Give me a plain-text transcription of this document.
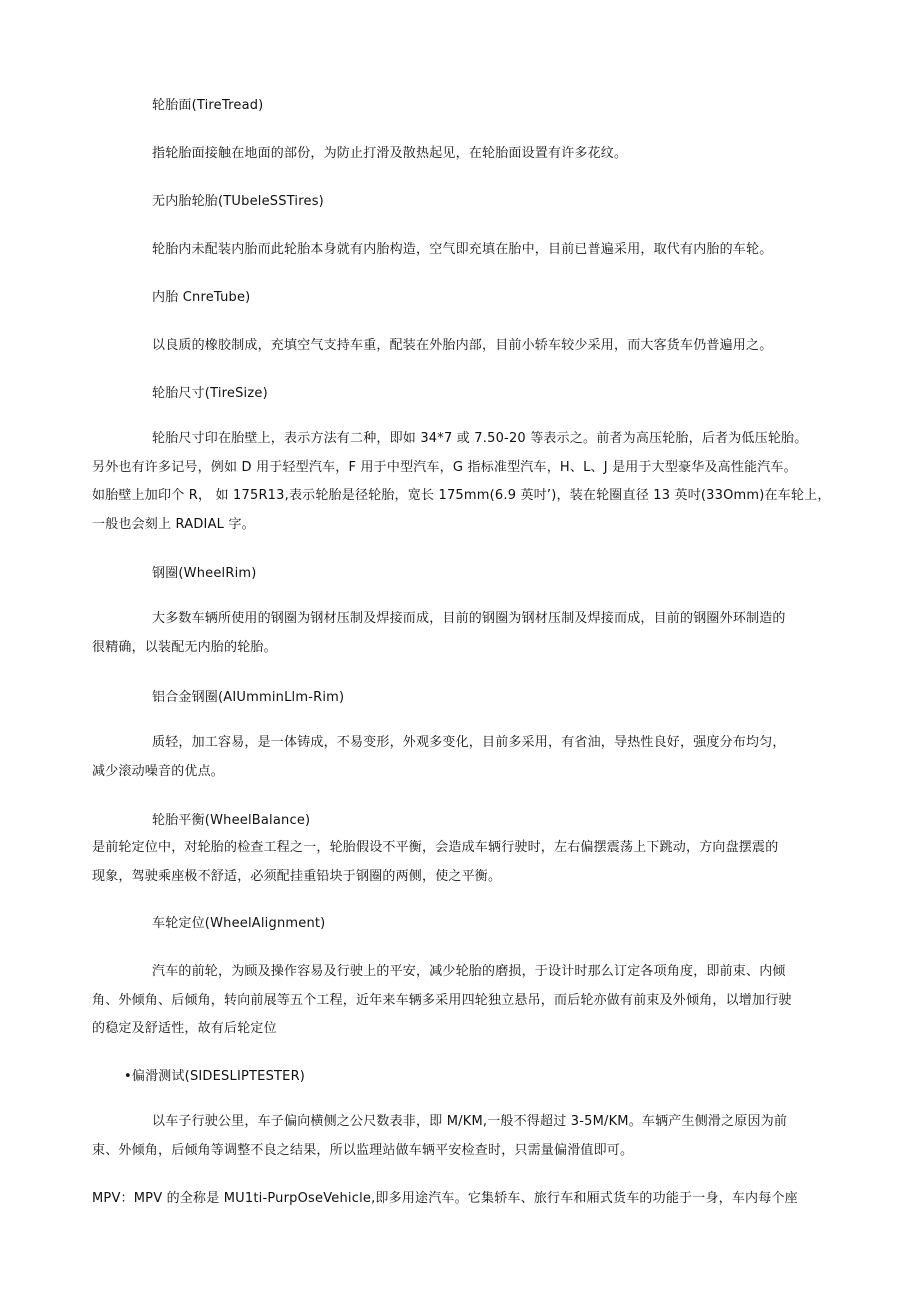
轮胎面(TireTread)

指轮胎面接触在地面的部份，为防止打滑及散热起见，在轮胎面设置有许多花纹。

无内胎轮胎(TUbeleSSTires)

轮胎内未配装内胎而此轮胎本身就有内胎构造，空气即充填在胎中，目前已普遍采用，取代有内胎的车轮。

内胎 CnreTube)

以良质的橡胶制成，充填空气支持车重，配装在外胎内部，目前小轿车较少采用，而大客货车仍普遍用之。

轮胎尺寸(TireSize)

轮胎尺寸印在胎壁上，表示方法有二种，即如 34*7 或 7.50-20 等表示之。前者为高压轮胎，后者为低压轮胎。
另外也有许多记号，例如 D 用于轻型汽车，F 用于中型汽车，G 指标准型汽车，H、L、J 是用于大型豪华及高性能汽车。
如胎壁上加印个 R， 如 175R13,表示轮胎是径轮胎，宽长 175mm(6.9 英吋’)，装在轮圈直径 13 英吋(33Omm)在车轮上，
一般也会刻上 RADIAL 字。

钢圈(WheelRim)

大多数车辆所使用的钢圈为钢材压制及焊接而成，目前的钢圈为钢材压制及焊接而成，目前的钢圈外环制造的
很精确，以装配无内胎的轮胎。

铝合金钢圈(AIUmminLlm-Rim)

质轻，加工容易，是一体铸成，不易变形，外观多变化，目前多采用，有省油，导热性良好，强度分布均匀，
减少滚动噪音的优点。

轮胎平衡(WheelBalance)

是前轮定位中，对轮胎的检查工程之一，轮胎假设不平衡，会造成车辆行驶时，左右偏摆震荡上下跳动，方向盘摆震的
现象，驾驶乘座极不舒适，必须配挂重铅块于钢圈的两侧，使之平衡。

车轮定位(WheelAlignment)

汽车的前轮，为顾及操作容易及行驶上的平安，减少轮胎的磨损，于设计时那么订定各项角度，即前束、内倾
角、外倾角、后倾角，转向前展等五个工程，近年来车辆多采用四轮独立悬吊，而后轮亦做有前束及外倾角，以增加行驶
的稳定及舒适性，故有后轮定位

•偏滑测试(SIDESLIPTESTER)

以车子行驶公里，车子偏向横侧之公尺数表非，即 M/KM,一般不得超过 3-5M/KM。车辆产生侧滑之原因为前
束、外倾角，后倾角等调整不良之结果，所以监理站做车辆平安检查时，只需量偏滑值即可。

MPV：MPV 的全称是 MU1ti-PurpOseVehicle,即多用途汽车。它集轿车、旅行车和厢式货车的功能于一身，车内每个座
